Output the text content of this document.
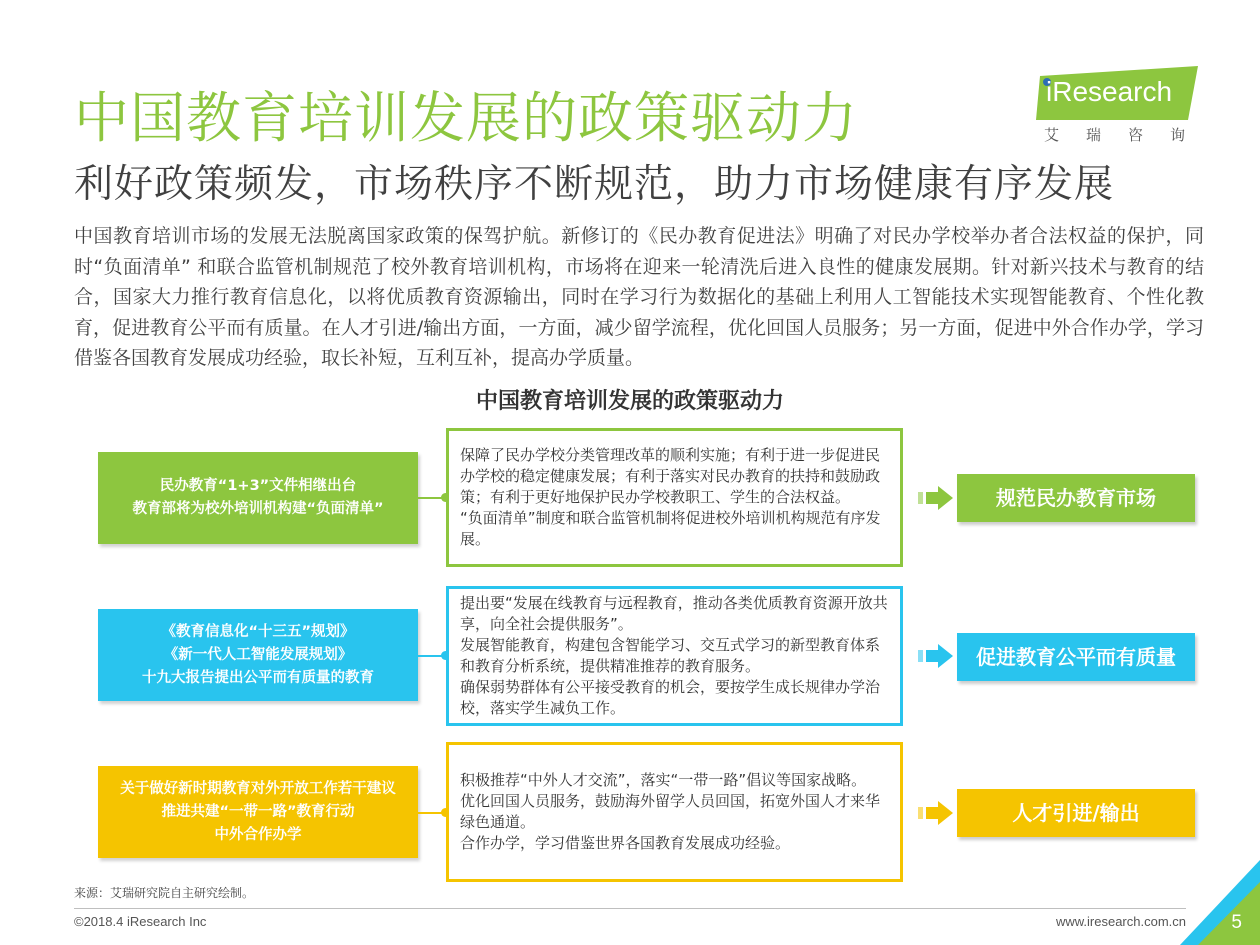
中国教育培训发展的政策驱动力
利好政策频发，市场秩序不断规范，助力市场健康有序发展
iResearch
艾瑞咨询
中国教育培训市场的发展无法脱离国家政策的保驾护航。新修订的《民办教育促进法》明确了对民办学校举办者合法权益的保护，同时“负面清单” 和联合监管机制规范了校外教育培训机构，市场将在迎来一轮清洗后进入良性的健康发展期。针对新兴技术与教育的结合，国家大力推行教育信息化，以将优质教育资源输出，同时在学习行为数据化的基础上利用人工智能技术实现智能教育、个性化教育，促进教育公平而有质量。在人才引进/输出方面，一方面，减少留学流程，优化回国人员服务；另一方面，促进中外合作办学，学习借鉴各国教育发展成功经验，取长补短，互利互补，提高办学质量。
中国教育培训发展的政策驱动力
民办教育“1+3”文件相继出台
教育部将为校外培训机构建“负面清单”

保障了民办学校分类管理改革的顺利实施；有利于进一步促进民办学校的稳定健康发展；有利于落实对民办教育的扶持和鼓励政策；有利于更好地保护民办学校教职工、学生的合法权益。

“负面清单”制度和联合监管机制将促进校外培训机构规范有序发展。

规范民办教育市场
《教育信息化“十三五”规划》
《新一代人工智能发展规划》
十九大报告提出公平而有质量的教育

提出要“发展在线教育与远程教育，推动各类优质教育资源开放共享，向全社会提供服务”。

发展智能教育，构建包含智能学习、交互式学习的新型教育体系和教育分析系统，提供精准推荐的教育服务。

确保弱势群体有公平接受教育的机会，要按学生成长规律办学治校，落实学生减负工作。

促进教育公平而有质量
关于做好新时期教育对外开放工作若干建议
推进共建“一带一路”教育行动
中外合作办学

积极推荐“中外人才交流”，落实“一带一路”倡议等国家战略。

优化回国人员服务，鼓励海外留学人员回国，拓宽外国人才来华绿色通道。

合作办学，学习借鉴世界各国教育发展成功经验。

人才引进/输出
来源：艾瑞研究院自主研究绘制。
©2018.4 iResearch Inc	www.iresearch.com.cn 5
